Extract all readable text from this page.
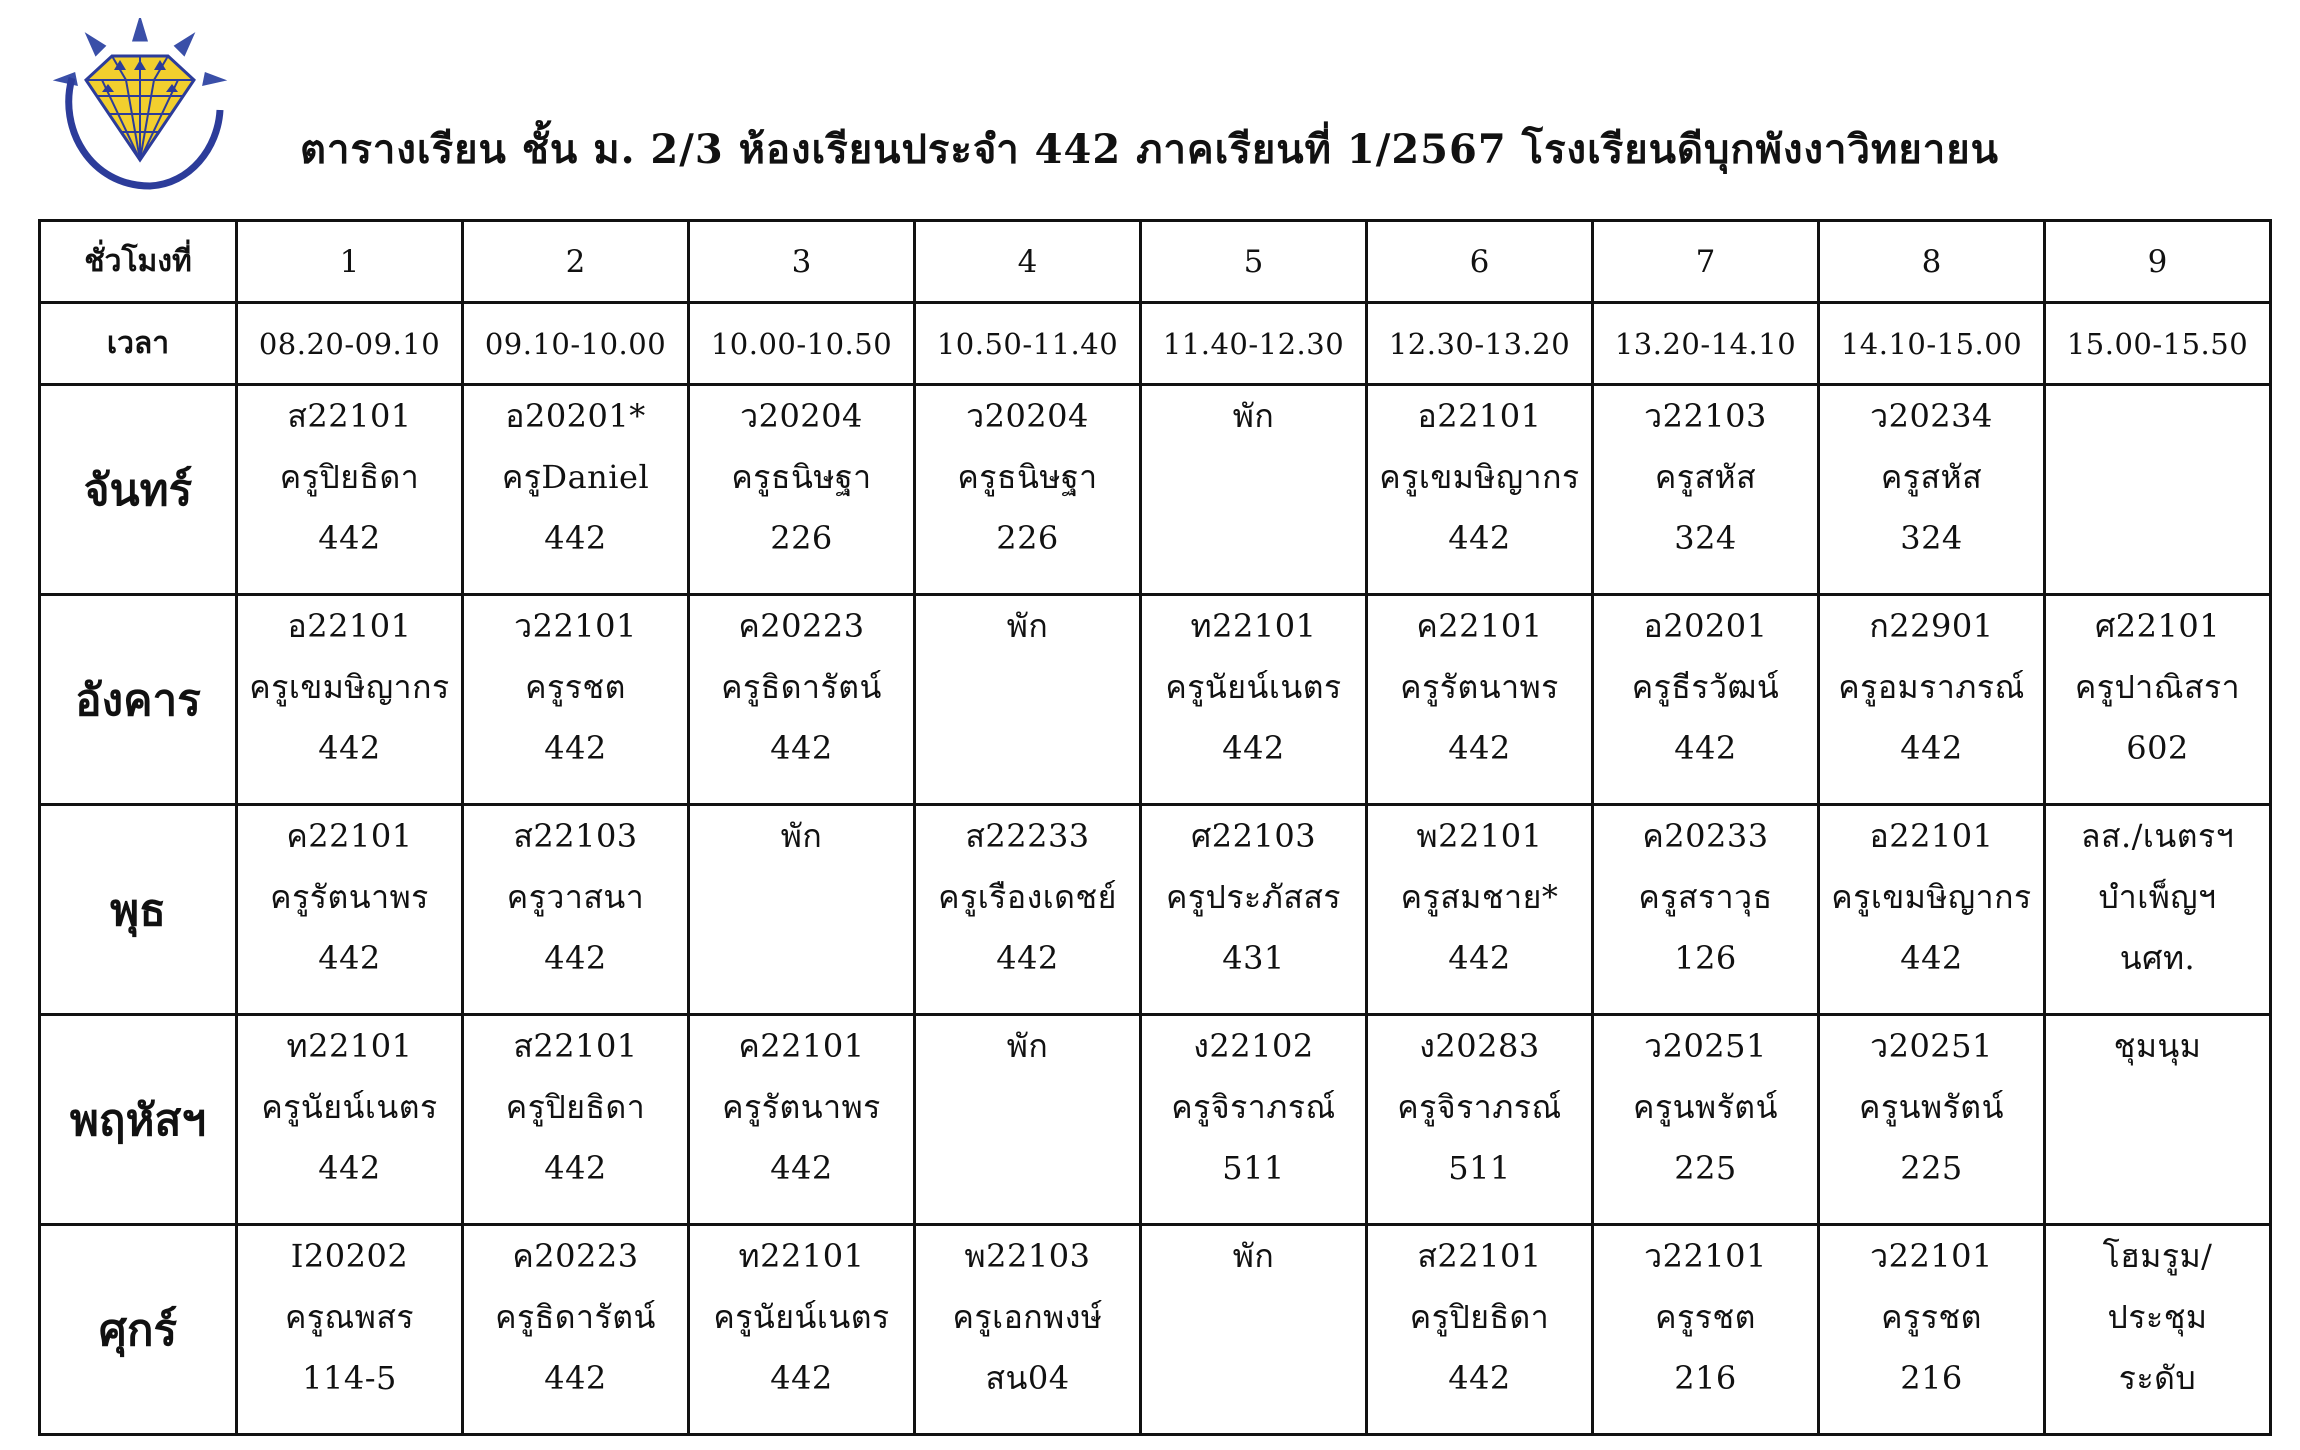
ตารางเรียน ชั้น ม. 2/3 ห้องเรียนประจำ 442 ภาคเรียนที่ 1/2567 โรงเรียนดีบุกพังงาวิทยายน
ชั่วโมงที่	1	2	3	4	5	6	7	8	9
เวลา	08.20-09.10	09.10-10.00	10.00-10.50	10.50-11.40	11.40-12.30	12.30-13.20	13.20-14.10	14.10-15.00	15.00-15.50
จันทร์	ส22101
ครูปิยธิดา
442	อ20201*
ครูDaniel
442	ว20204
ครูธนิษฐา
226	ว20204
ครูธนิษฐา
226	พัก	อ22101
ครูเขมษิญากร
442	ว22103
ครูสหัส
324	ว20234
ครูสหัส
324	

อังคาร	อ22101
ครูเขมษิญากร
442	ว22101
ครูรชต
442	ค20223
ครูธิดารัตน์
442	พัก	ท22101
ครูนัยน์เนตร
442	ค22101
ครูรัตนาพร
442	อ20201
ครูธีรวัฒน์
442	ก22901
ครูอมราภรณ์
442	ศ22101
ครูปาณิสรา
602

พุธ	ค22101
ครูรัตนาพร
442	ส22103
ครูวาสนา
442	พัก	ส22233
ครูเรืองเดชย์
442	ศ22103
ครูประภัสสร
431	พ22101
ครูสมชาย*
442	ค20233
ครูสราวุธ
126	อ22101
ครูเขมษิญากร
442	ลส./เนตรฯ
บำเพ็ญฯ
นศท.

พฤหัสฯ	ท22101
ครูนัยน์เนตร
442	ส22101
ครูปิยธิดา
442	ค22101
ครูรัตนาพร
442	พัก	ง22102
ครูจิราภรณ์
511	ง20283
ครูจิราภรณ์
511	ว20251
ครูนพรัตน์
225	ว20251
ครูนพรัตน์
225	ชุมนุม

ศุกร์	I20202
ครูณพสร
114-5	ค20223
ครูธิดารัตน์
442	ท22101
ครูนัยน์เนตร
442	พ22103
ครูเอกพงษ์
สน04	พัก	ส22101
ครูปิยธิดา
442	ว22101
ครูรชต
216	ว22101
ครูรชต
216	โฮมรูม/
ประชุม
ระดับ
